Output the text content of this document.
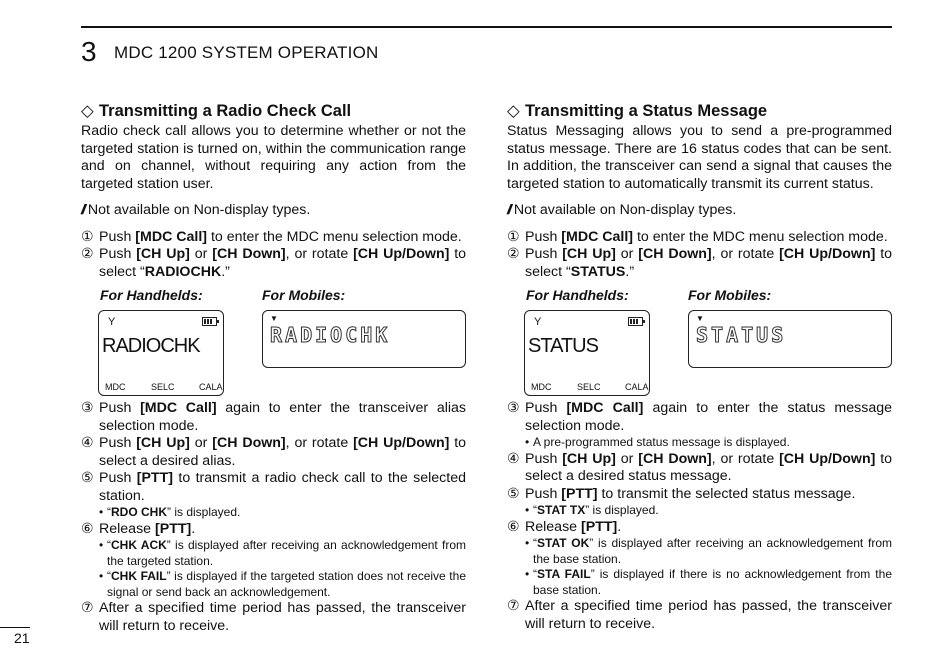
3 MDC 1200 SYSTEM OPERATION
◇ Transmitting a Radio Check Call

Radio check call allows you to determine whether or not the targeted station is turned on, within the communication range and on channel, without requiring any action from the targeted station user.

// Not available on Non-display types.
① Push [MDC Call] to enter the MDC menu selection mode.
② Push [CH Up] or [CH Down], or rotate [CH Up/Down] to select “RADIOCHK.”
For Handhelds:	For Mobiles:
Y
RADIOCHK
MDC	SELC	CALA
▼
RADIOCHK
③ Push [MDC Call] again to enter the transceiver alias selection mode.
④ Push [CH Up] or [CH Down], or rotate [CH Up/Down] to select a desired alias.
⑤ Push [PTT] to transmit a radio check call to the selected station.
• “RDO CHK” is displayed.
⑥ Release [PTT].
• “CHK ACK” is displayed after receiving an acknowledgement from the targeted station.
• “CHK FAIL” is displayed if the targeted station does not receive the signal or send back an acknowledgement.
⑦ After a specified time period has passed, the transceiver will return to receive.
◇ Transmitting a Status Message

Status Messaging allows you to send a pre-programmed status message. There are 16 status codes that can be sent. In addition, the transceiver can send a signal that causes the targeted station to automatically transmit its current status.

// Not available on Non-display types.
① Push [MDC Call] to enter the MDC menu selection mode.
② Push [CH Up] or [CH Down], or rotate [CH Up/Down] to select “STATUS.”
For Handhelds:	For Mobiles:
Y
STATUS
MDC	SELC	CALA
▼
STATUS
③ Push [MDC Call] again to enter the status message selection mode.
• A pre-programmed status message is displayed.
④ Push [CH Up] or [CH Down], or rotate [CH Up/Down] to select a desired status message.
⑤ Push [PTT] to transmit the selected status message.
• “STAT TX” is displayed.
⑥ Release [PTT].
• “STAT OK” is displayed after receiving an acknowledgement from the base station.
• “STA FAIL” is displayed if there is no acknowledgement from the base station.
⑦ After a specified time period has passed, the transceiver will return to receive.
21
